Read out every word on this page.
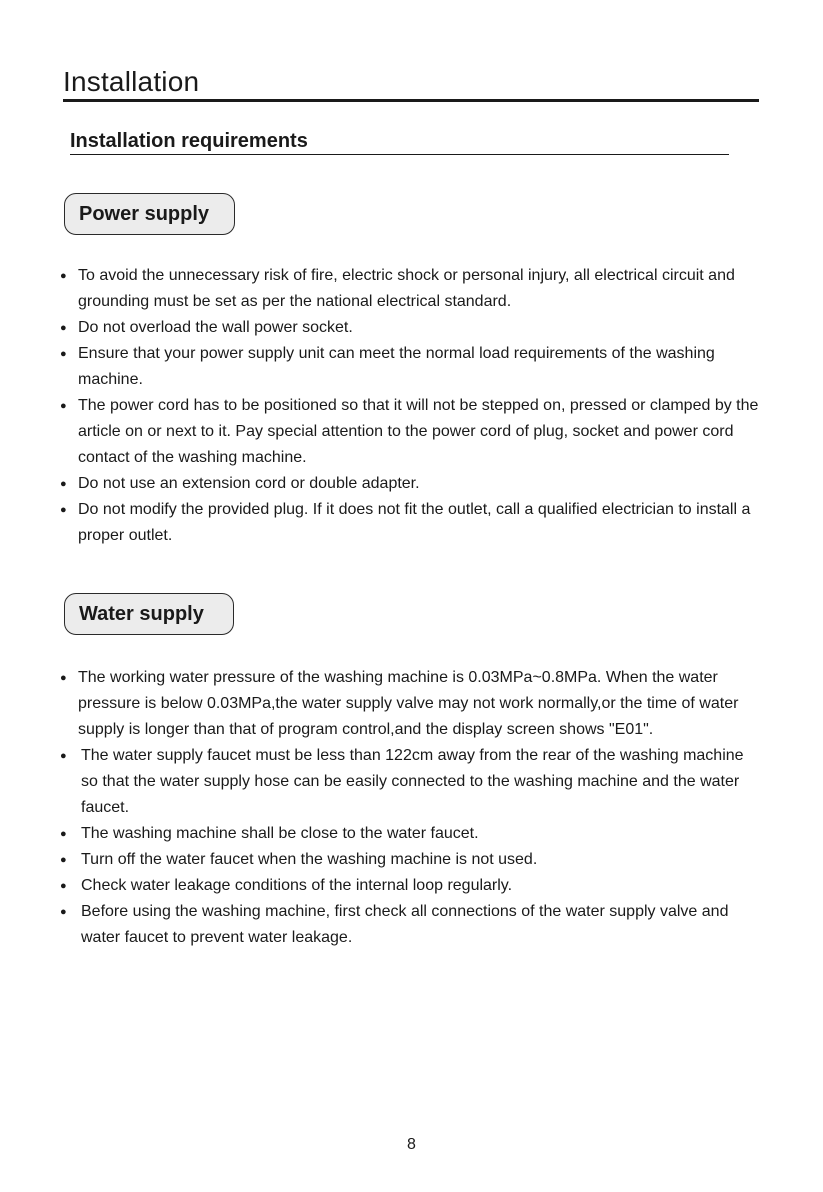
Installation
Installation requirements
Power supply
● To avoid the unnecessary risk of fire, electric shock or personal injury, all electrical circuit and grounding must be set as per the national electrical standard.
● Do not overload the wall power socket.
● Ensure that your power supply unit can meet the normal load requirements of the washing machine.
● The power cord has to be positioned so that it will not be stepped on, pressed or clamped by the article on or next to it. Pay special attention to the power cord of plug, socket and power cord contact of the washing machine.
● Do not use an extension cord or double adapter.
● Do not modify the provided plug. If it does not fit the outlet, call a qualified electrician to install a proper outlet.
Water supply
● The working water pressure of the washing machine is 0.03MPa~0.8MPa. When the water pressure is below 0.03MPa,the water supply valve may not work normally,or the time of water supply is longer than that of program control,and the display screen shows "E01".
● The water supply faucet must be less than 122cm away from the rear of the washing machine so that the water supply hose can be easily connected to the washing machine and the water faucet.
● The washing machine shall be close to the water faucet.
● Turn off the water faucet when the washing machine is not used.
● Check water leakage conditions of the internal loop regularly.
● Before using the washing machine, first check all connections of the water supply valve and water faucet to prevent water leakage.
8
